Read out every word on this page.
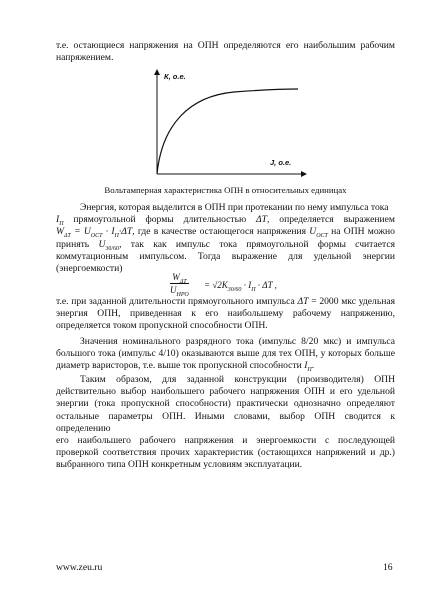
т.е. остающиеся напряжения на ОПН определяются его наибольшим рабочим

напряжением.

К, о.е.
J, о.е.
Вольтамперная характеристика ОПН в относительных единицах

Энергия, которая выделится в ОПН при протекании по нему импульса тока

$I_П$ прямоугольной формы длительностью ΔT, определяется выражением

$W_{\Delta T} = U_{ОСТ} \cdot I_П\cdot\Delta T$, где в качестве остающегося напряжения $U_{ОСТ}$ на ОПН можно

принять $U_{30/60}$, так как импульс тока прямоугольной формы считается

коммутационным импульсом. Тогда выражение для удельной энергии

(энергоемкости)

$W_{\Delta T}$
$U_{НРО}$
= $√2K_{30/60} \cdot I_П \cdot \Delta T$ ,

т.е. при заданной длительности прямоугольного импульса ΔT = 2000 мкс удельная

энергия ОПН, приведенная к его наибольшему рабочему напряжению,

определяется током пропускной способности ОПН.

Значения номинального разрядного тока (импульс 8/20 мкс) и импульса

большого тока (импульс 4/10) оказываются выше для тех ОПН, у которых больше

диаметр варисторов, т.е. выше ток пропускной способности $I_П$.

Таким образом, для заданной конструкции (производителя) ОПН

действительно выбор наибольшего рабочего напряжения ОПН и его удельной

энергии (тока пропускной способности) практически однозначно определяют

остальные параметры ОПН. Иными словами, выбор ОПН сводится к определению

его наибольшего рабочего напряжения и энергоемкости с последующей

проверкой соответствия прочих характеристик (остающихся напряжений и др.)

выбранного типа ОПН конкретным условиям эксплуатации.

www.zeu.ru	16
